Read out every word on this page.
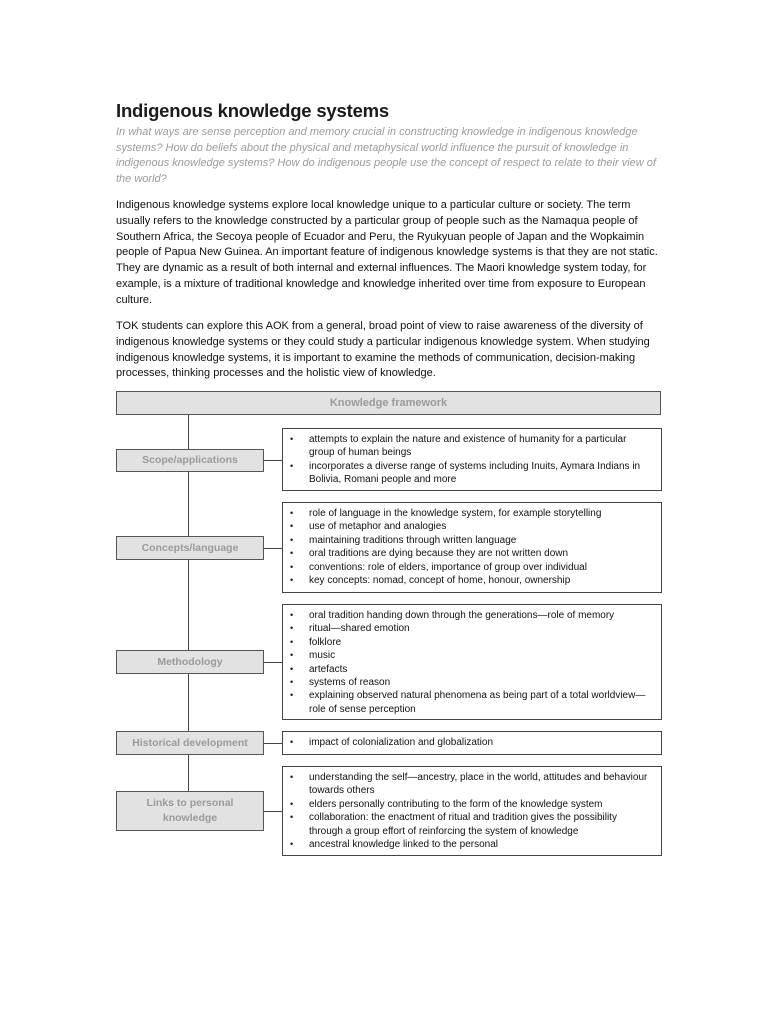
Indigenous knowledge systems
In what ways are sense perception and memory crucial in constructing knowledge in indigenous knowledge systems? How do beliefs about the physical and metaphysical world influence the pursuit of knowledge in indigenous knowledge systems? How do indigenous people use the concept of respect to relate to their view of the world?
Indigenous knowledge systems explore local knowledge unique to a particular culture or society. The term usually refers to the knowledge constructed by a particular group of people such as the Namaqua people of Southern Africa, the Secoya people of Ecuador and Peru, the Ryukyuan people of Japan and the Wopkaimin people of Papua New Guinea. An important feature of indigenous knowledge systems is that they are not static. They are dynamic as a result of both internal and external influences. The Maori knowledge system today, for example, is a mixture of traditional knowledge and knowledge inherited over time from exposure to European culture.
TOK students can explore this AOK from a general, broad point of view to raise awareness of the diversity of indigenous knowledge systems or they could study a particular indigenous knowledge system. When studying indigenous knowledge systems, it is important to examine the methods of communication, decision-making processes, thinking processes and the holistic view of knowledge.
Knowledge framework
Scope/applications
• attempts to explain the nature and existence of humanity for a particular group of human beings
• incorporates a diverse range of systems including Inuits, Aymara Indians in Bolivia, Romani people and more
Concepts/language
• role of language in the knowledge system, for example storytelling
• use of metaphor and analogies
• maintaining traditions through written language
• oral traditions are dying because they are not written down
• conventions: role of elders, importance of group over individual
• key concepts: nomad, concept of home, honour, ownership
Methodology
• oral tradition handing down through the generations—role of memory
• ritual—shared emotion
• folklore
• music
• artefacts
• systems of reason
• explaining observed natural phenomena as being part of a total worldview—role of sense perception
Historical development
•	impact of colonialization and globalization
Links to personal knowledge
• understanding the self—ancestry, place in the world, attitudes and behaviour towards others
• elders personally contributing to the form of the knowledge system
• collaboration: the enactment of ritual and tradition gives the possibility through a group effort of reinforcing the system of knowledge
• ancestral knowledge linked to the personal
